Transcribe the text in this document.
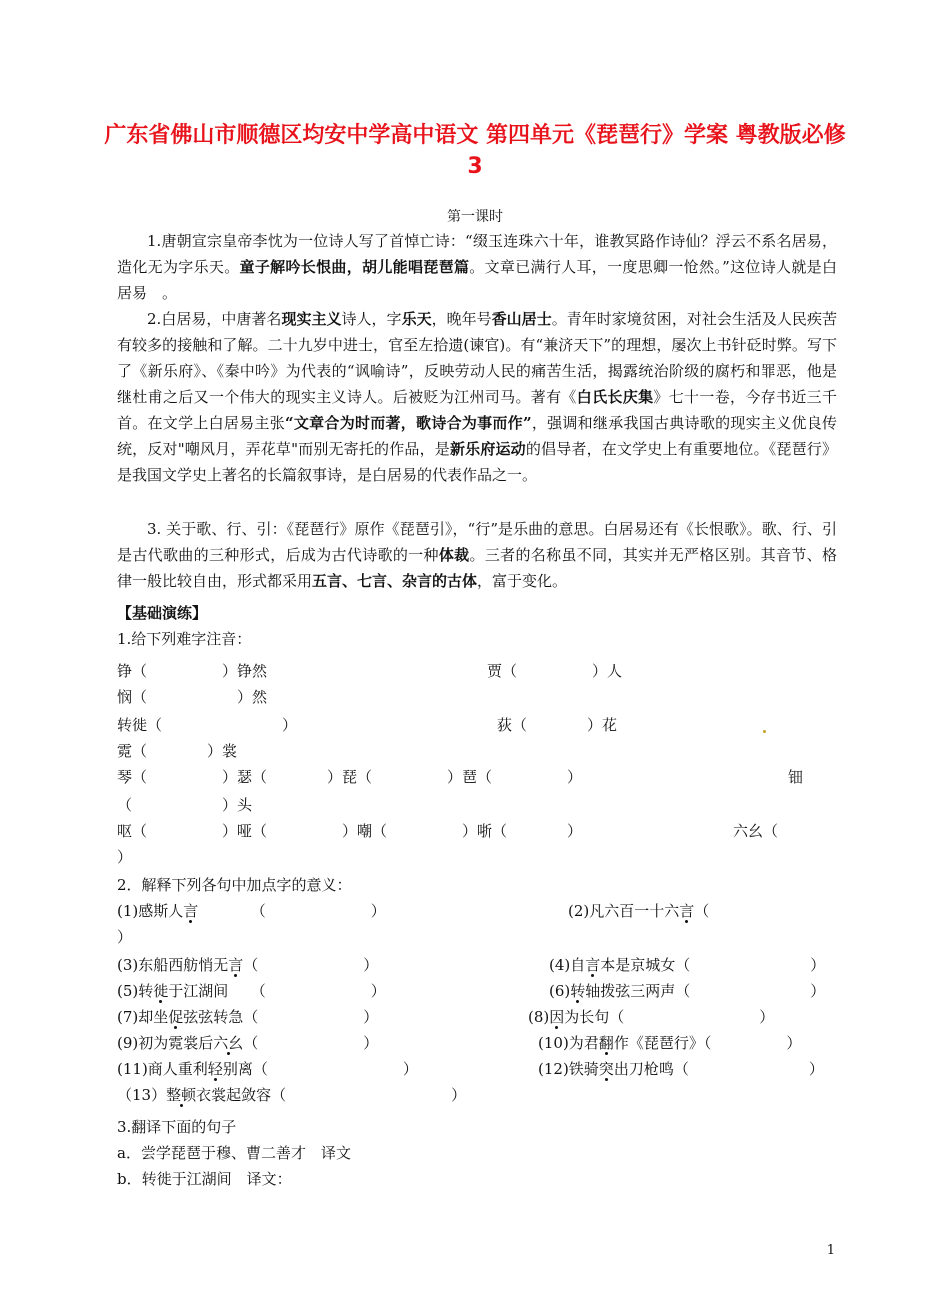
广东省佛山市顺德区均安中学高中语文 第四单元《琵琶行》学案 粤教版必修3
第一课时

1.唐朝宣宗皇帝李忱为一位诗人写了首悼亡诗：“缀玉连珠六十年，谁教冥路作诗仙？浮云不系名居易，造化无为字乐天。童子解吟长恨曲，胡儿能唱琵琶篇。文章已满行人耳，一度思卿一怆然。”这位诗人就是白居易　。

2.白居易，中唐著名现实主义诗人，字乐天，晚年号香山居士。青年时家境贫困，对社会生活及人民疾苦有较多的接触和了解。二十九岁中进士，官至左拾遗(谏官)。有“兼济天下”的理想，屡次上书针砭时弊。写下了《新乐府》、《秦中吟》为代表的“讽喻诗”，反映劳动人民的痛苦生活，揭露统治阶级的腐朽和罪恶，他是继杜甫之后又一个伟大的现实主义诗人。后被贬为江州司马。著有《白氏长庆集》七十一卷，今存书近三千首。在文学上白居易主张“文章合为时而著，歌诗合为事而作”，强调和继承我国古典诗歌的现实主义优良传统，反对"嘲风月，弄花草"而别无寄托的作品，是新乐府运动的倡导者，在文学史上有重要地位。《琵琶行》是我国文学史上著名的长篇叙事诗，是白居易的代表作品之一。

3. 关于歌、行、引：《琵琶行》原作《琵琶引》，“行”是乐曲的意思。白居易还有《长恨歌》。歌、行、引是古代歌曲的三种形式，后成为古代诗歌的一种体裁。三者的名称虽不同，其实并无严格区别。其音节、格律一般比较自由，形式都采用五言、七言、杂言的古体，富于变化。

【基础演练】
1.给下列难字注音：
铮（　　　　　）铮然	贾（　　　　　）人
悯（　　　　　　）然
转徙（　　　　　　　　）	荻（　　　　）花
霓（　　　　）裳
琴（　　　　　）瑟（　　　　）琵（　　　　　）琶（　　　　　）	钿
（　　　　　　）头
呕（　　　　　）哑（　　　　　）嘲（　　　　　）哳（　　　　）	六幺（
）
2．解释下列各句中加点字的意义：
(1)感斯人言　　　　（　　　　　　　）	(2)凡六百一十六言（
）
(3)东船西舫悄无言（　　　　　　　）	(4)自言本是京城女（　　　　　　　　）
(5)转徙于江湖间　　（　　　　　　　）	(6)转轴拨弦三两声（　　　　　　　　）
(7)却坐促弦弦转急（　　　　　　　）	(8)因为长句（　　　　　　　　　）
(9)初为霓裳后六幺（　　　　　　　）	(10)为君翻作《琵琶行》（　　　　　）
(11)商人重利轻别离（　　　　　　　　　）	(12)铁骑突出刀枪鸣（　　　　　　　　）
（13）整顿衣裳起敛容（　　　　　　　　　　　）
3.翻译下面的句子
a．尝学琵琶于穆、曹二善才　译文
b．转徙于江湖间　译文：
1
